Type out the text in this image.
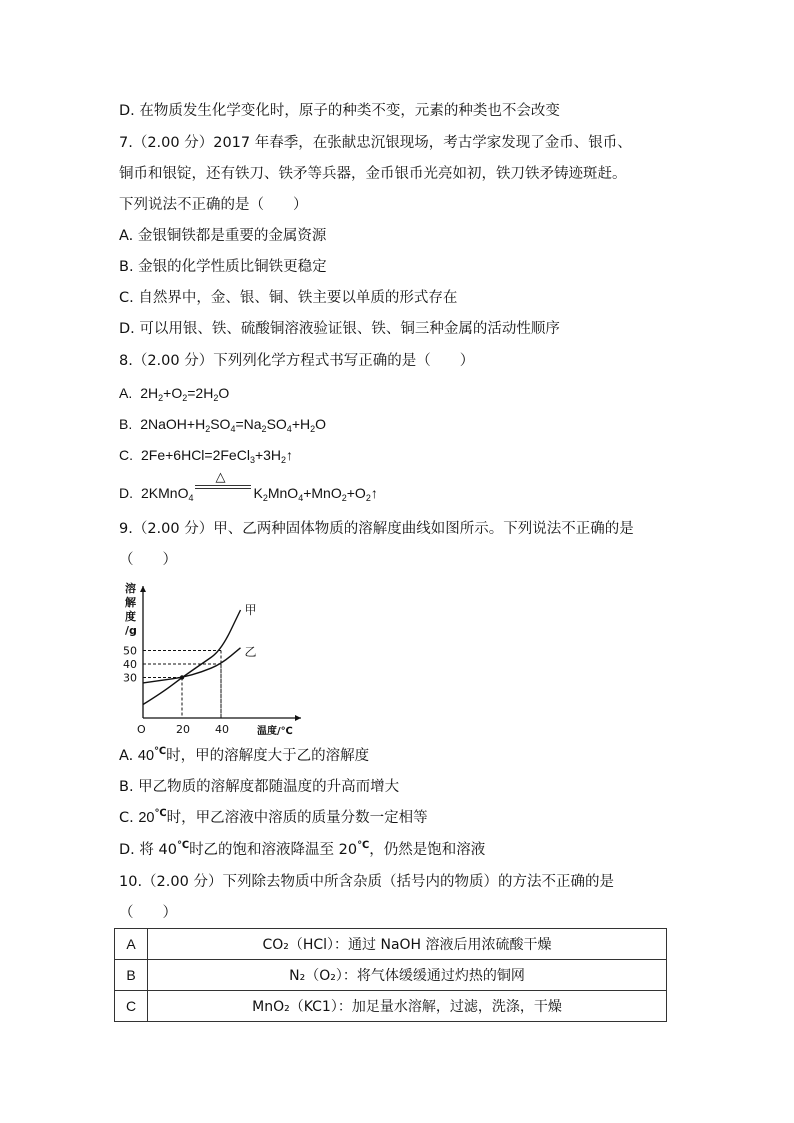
D. 在物质发生化学变化时，原子的种类不变，元素的种类也不会改变
7.（2.00 分）2017 年春季，在张献忠沉银现场，考古学家发现了金币、银币、
铜币和银锭，还有铁刀、铁矛等兵器，金币银币光亮如初，铁刀铁矛铸迹斑赶。
下列说法不正确的是（　　）
A. 金银铜铁都是重要的金属资源
B. 金银的化学性质比铜铁更稳定
C. 自然界中，金、银、铜、铁主要以单质的形式存在
D. 可以用银、铁、硫酸铜溶液验证银、铁、铜三种金属的活动性顺序
8.（2.00 分）下列列化学方程式书写正确的是（　　）
A. $2H_2+O_2=2H_2O$
B. $2NaOH+H_2SO_4=Na_2SO_4+H_2O$
C. $2Fe+6HCl=2FeCl_3+3H_2↑$
D. 2KMnO$_4$
△
$K_2MnO_4+MnO_2+O_2↑$
9.（2.00 分）甲、乙两种固体物质的溶解度曲线如图所示。下列说法不正确的是
（　　）
溶
解
度
/g
温度/℃
O
30
40
50
20 40
甲
乙
A. 40℃时，甲的溶解度大于乙的溶解度
B. 甲乙物质的溶解度都随温度的升高而增大
C. 20℃时，甲乙溶液中溶质的质量分数一定相等
D. 将 40℃时乙的饱和溶液降温至 20℃，仍然是饱和溶液
10.（2.00 分）下列除去物质中所含杂质（括号内的物质）的方法不正确的是
（　　）
A	CO₂（HCl）：通过 NaOH 溶液后用浓硫酸干燥
B	N₂（O₂）：将气体缓缓通过灼热的铜网
C	MnO₂（KC1）：加足量水溶解，过滤，洗涤，干燥
